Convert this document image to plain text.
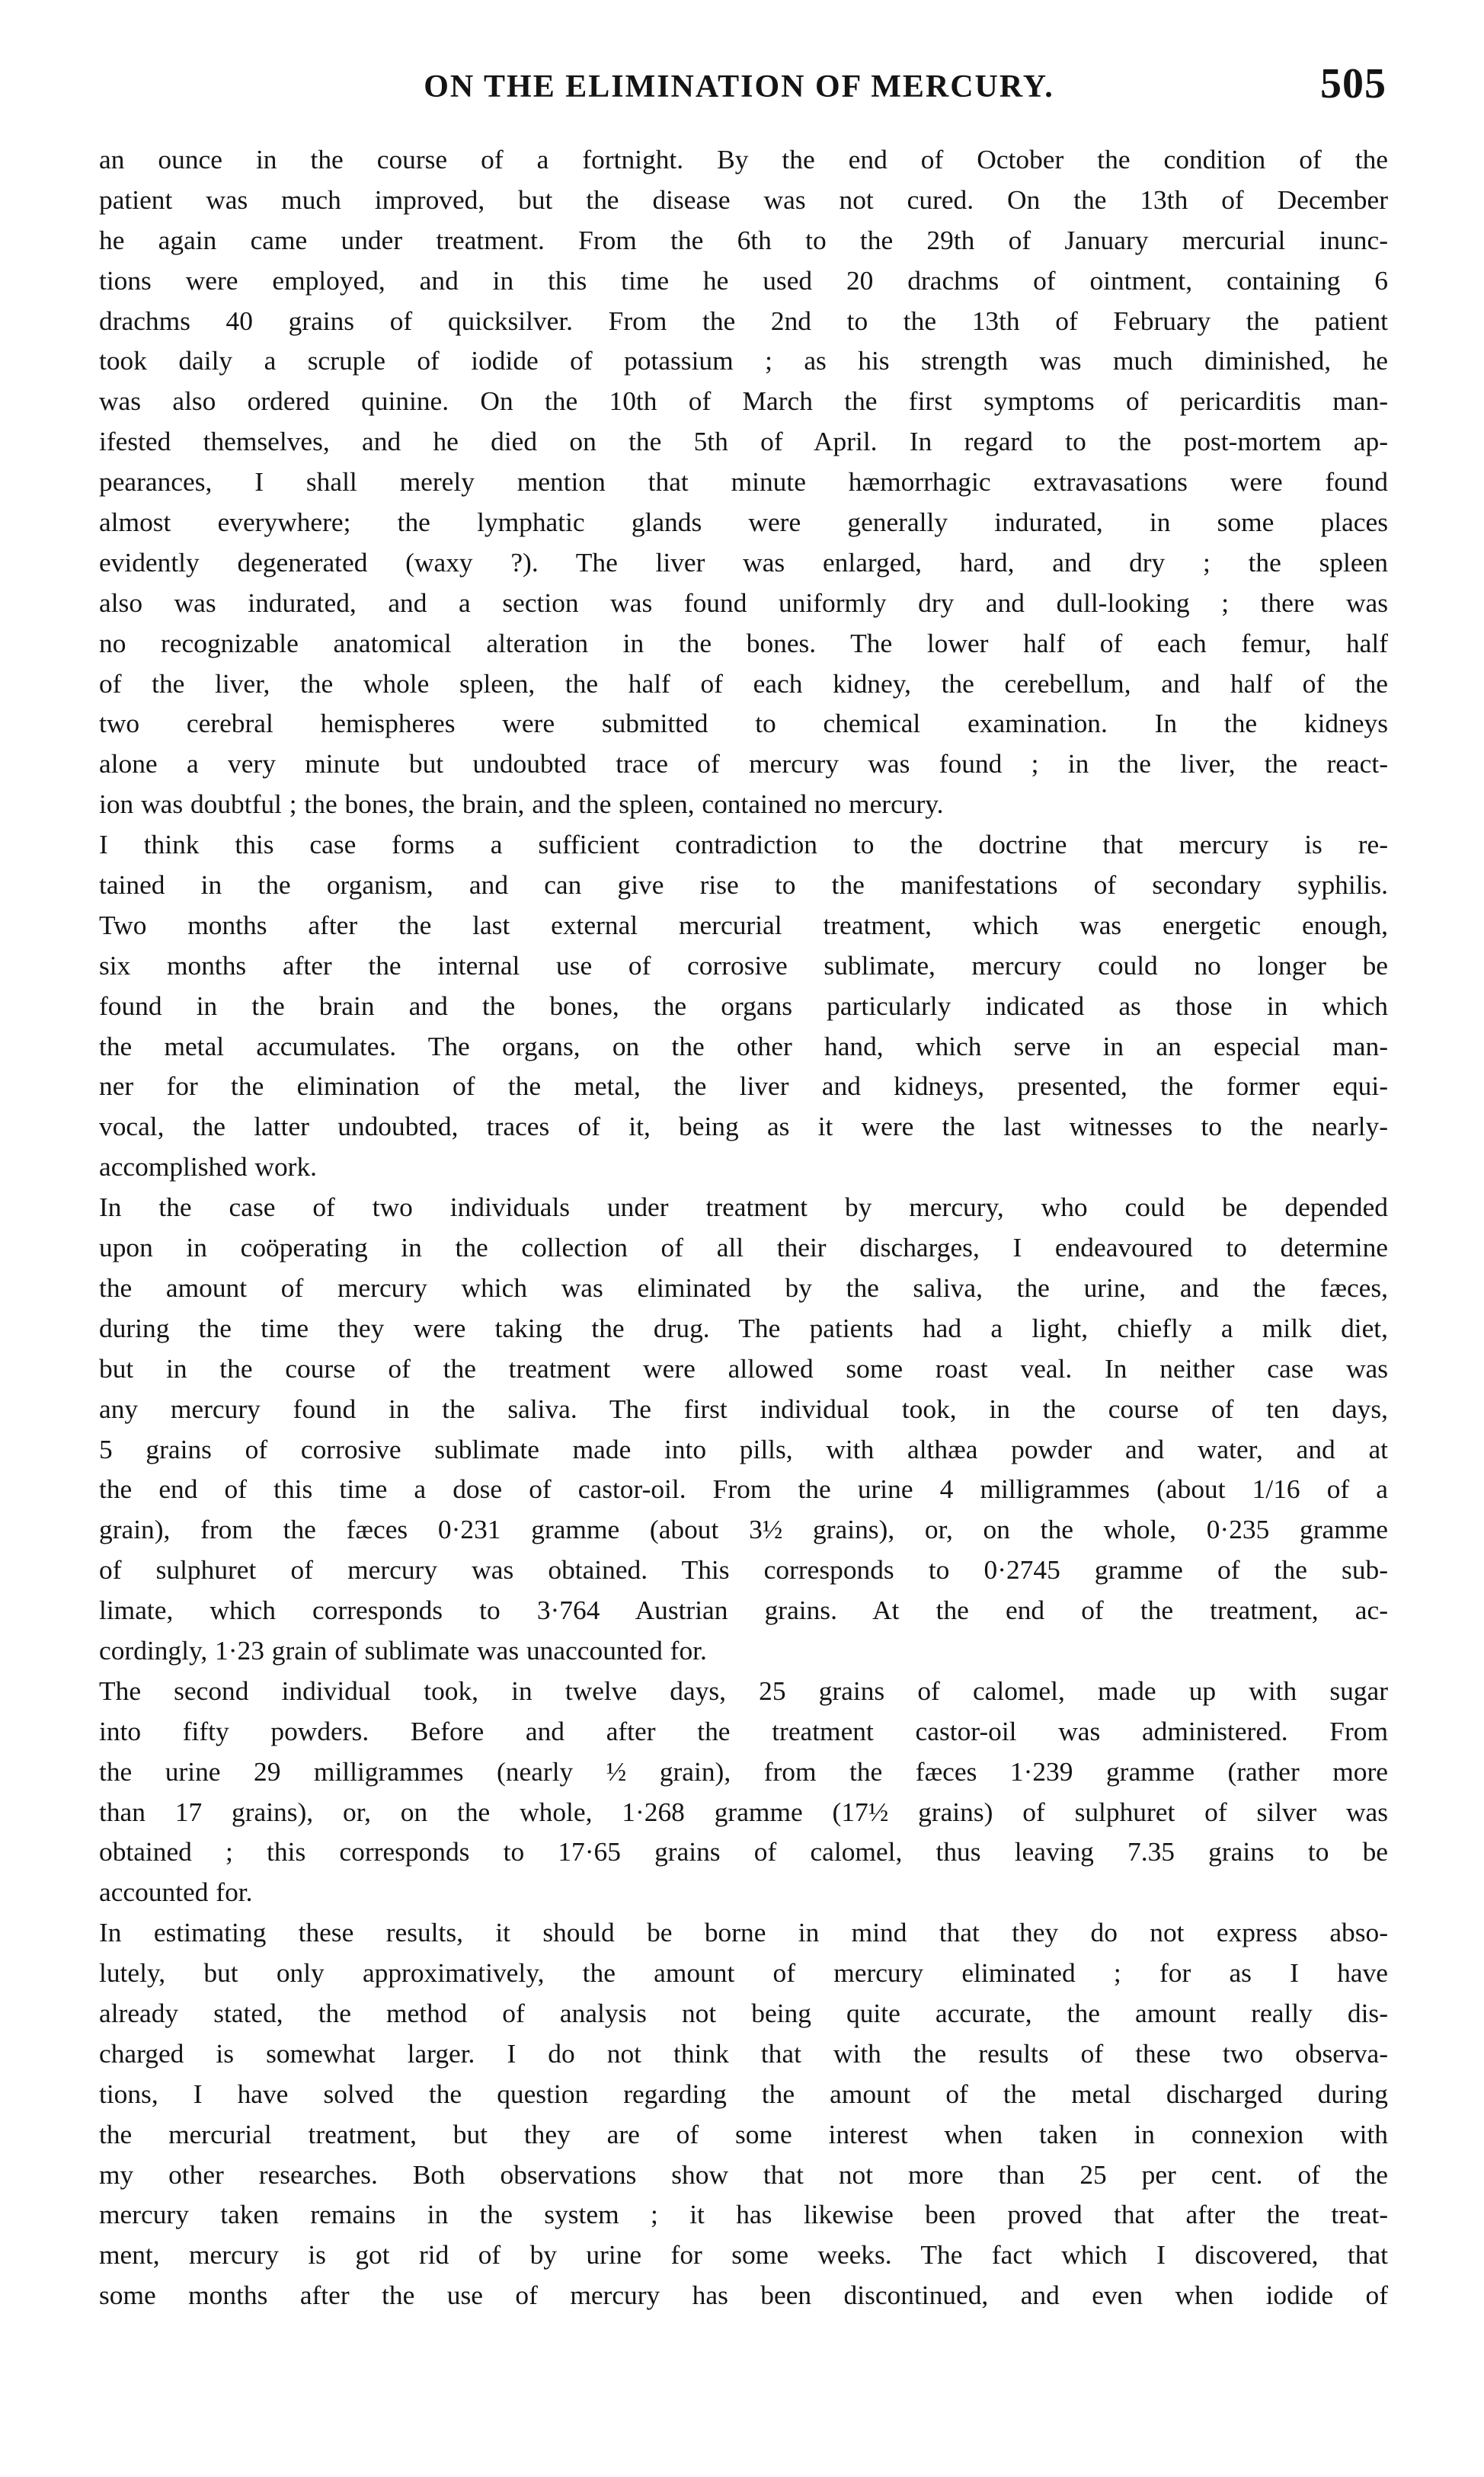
ON THE ELIMINATION OF MERCURY.	505
an ounce in the course of a fortnight. By the end of October the condition of the
patient was much improved, but the disease was not cured. On the 13th of December
he again came under treatment. From the 6th to the 29th of January mercurial inunc-
tions were employed, and in this time he used 20 drachms of ointment, containing 6
drachms 40 grains of quicksilver. From the 2nd to the 13th of February the patient
took daily a scruple of iodide of potassium ; as his strength was much diminished, he
was also ordered quinine. On the 10th of March the first symptoms of pericarditis man-
ifested themselves, and he died on the 5th of April. In regard to the post-mortem ap-
pearances, I shall merely mention that minute hæmorrhagic extravasations were found
almost everywhere; the lymphatic glands were generally indurated, in some places
evidently degenerated (waxy ?). The liver was enlarged, hard, and dry ; the spleen
also was indurated, and a section was found uniformly dry and dull-looking ; there was
no recognizable anatomical alteration in the bones. The lower half of each femur, half
of the liver, the whole spleen, the half of each kidney, the cerebellum, and half of the
two cerebral hemispheres were submitted to chemical examination. In the kidneys
alone a very minute but undoubted trace of mercury was found ; in the liver, the react-
ion was doubtful ; the bones, the brain, and the spleen, contained no mercury.
I think this case forms a sufficient contradiction to the doctrine that mercury is re-
tained in the organism, and can give rise to the manifestations of secondary syphilis.
Two months after the last external mercurial treatment, which was energetic enough,
six months after the internal use of corrosive sublimate, mercury could no longer be
found in the brain and the bones, the organs particularly indicated as those in which
the metal accumulates. The organs, on the other hand, which serve in an especial man-
ner for the elimination of the metal, the liver and kidneys, presented, the former equi-
vocal, the latter undoubted, traces of it, being as it were the last witnesses to the nearly-
accomplished work.
In the case of two individuals under treatment by mercury, who could be depended
upon in coöperating in the collection of all their discharges, I endeavoured to determine
the amount of mercury which was eliminated by the saliva, the urine, and the fæces,
during the time they were taking the drug. The patients had a light, chiefly a milk diet,
but in the course of the treatment were allowed some roast veal. In neither case was
any mercury found in the saliva. The first individual took, in the course of ten days,
5 grains of corrosive sublimate made into pills, with althæa powder and water, and at
the end of this time a dose of castor-oil. From the urine 4 milligrammes (about 1/16 of a
grain), from the fæces 0·231 gramme (about 3½ grains), or, on the whole, 0·235 gramme
of sulphuret of mercury was obtained. This corresponds to 0·2745 gramme of the sub-
limate, which corresponds to 3·764 Austrian grains. At the end of the treatment, ac-
cordingly, 1·23 grain of sublimate was unaccounted for.
The second individual took, in twelve days, 25 grains of calomel, made up with sugar
into fifty powders. Before and after the treatment castor-oil was administered. From
the urine 29 milligrammes (nearly ½ grain), from the fæces 1·239 gramme (rather more
than 17 grains), or, on the whole, 1·268 gramme (17½ grains) of sulphuret of silver was
obtained ; this corresponds to 17·65 grains of calomel, thus leaving 7.35 grains to be
accounted for.
In estimating these results, it should be borne in mind that they do not express abso-
lutely, but only approximatively, the amount of mercury eliminated ; for as I have
already stated, the method of analysis not being quite accurate, the amount really dis-
charged is somewhat larger. I do not think that with the results of these two observa-
tions, I have solved the question regarding the amount of the metal discharged during
the mercurial treatment, but they are of some interest when taken in connexion with
my other researches. Both observations show that not more than 25 per cent. of the
mercury taken remains in the system ; it has likewise been proved that after the treat-
ment, mercury is got rid of by urine for some weeks. The fact which I discovered, that
some months after the use of mercury has been discontinued, and even when iodide of
